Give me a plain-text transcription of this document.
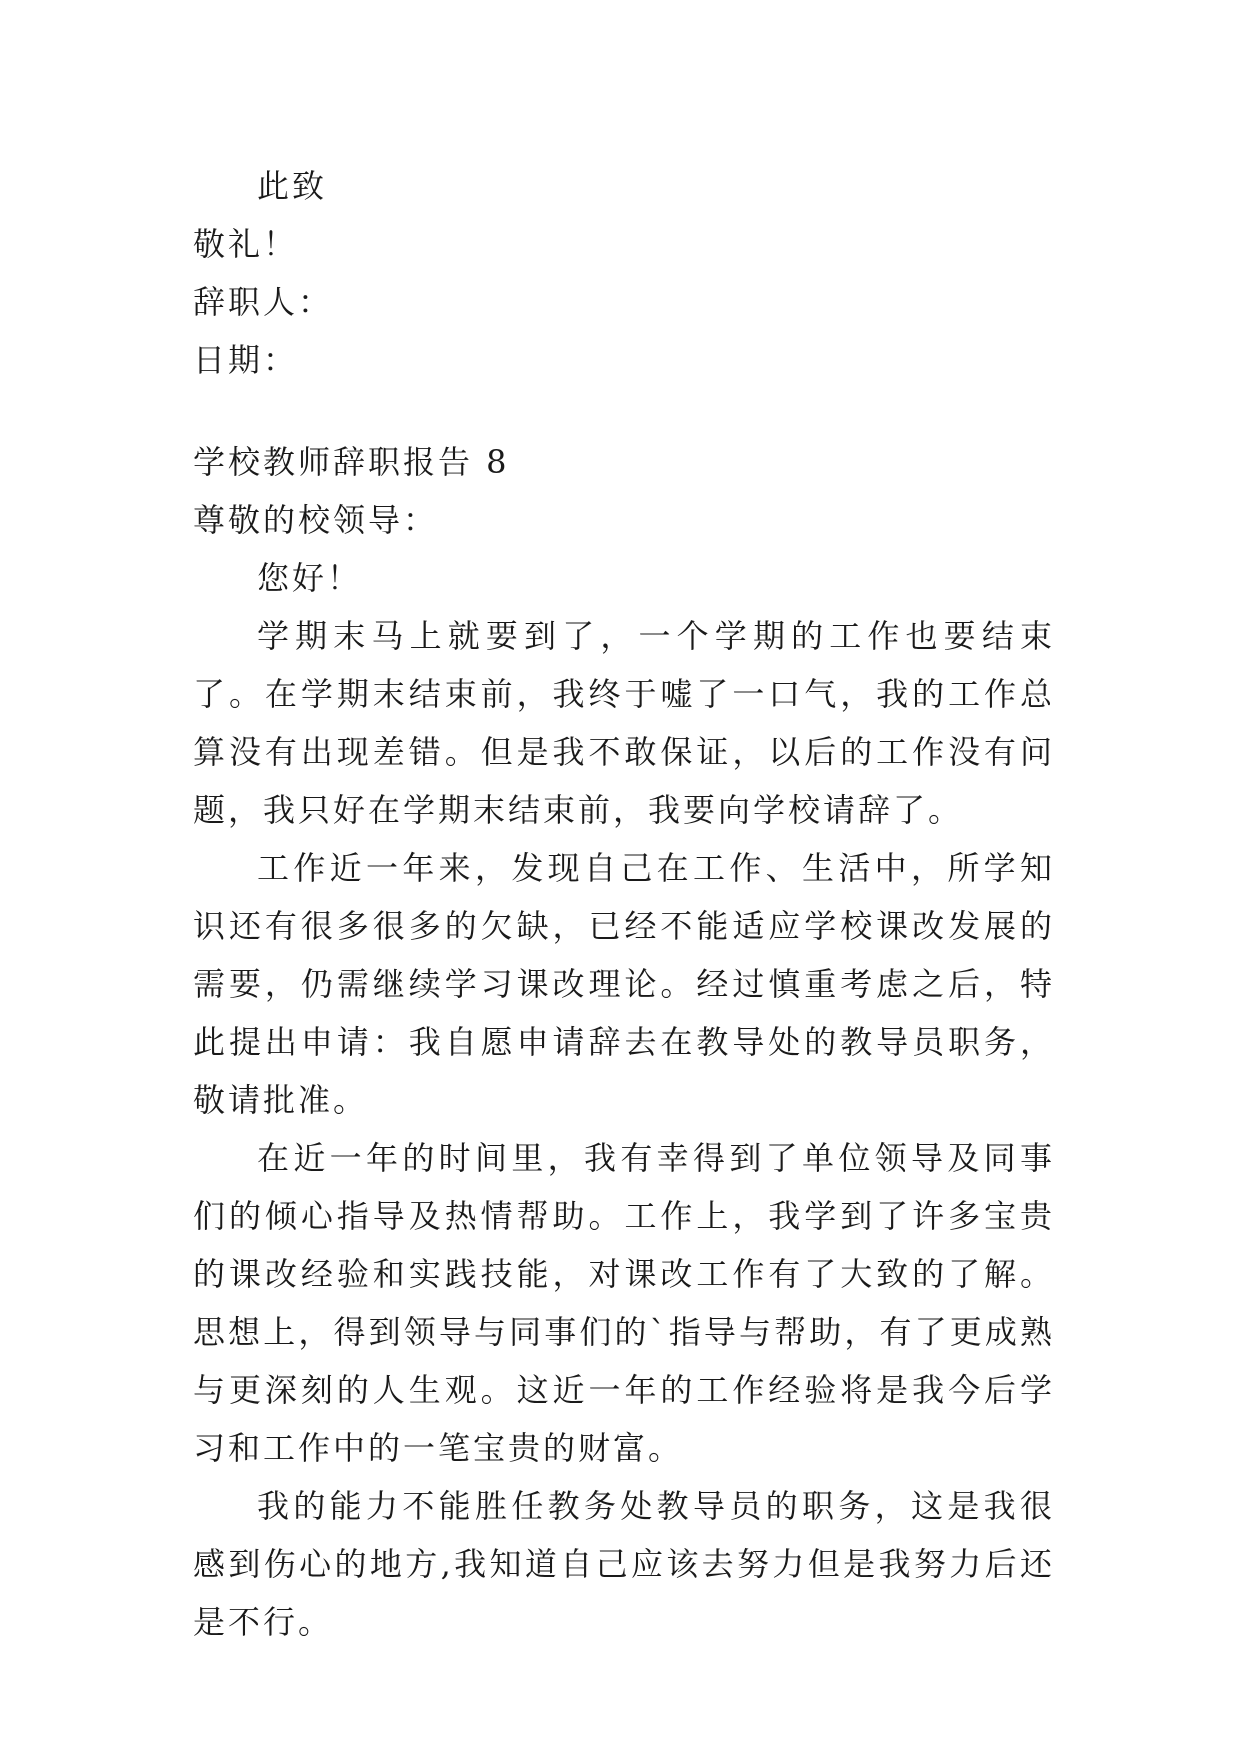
此致
敬礼！
辞职人：
日期：
学校教师辞职报告 8
尊敬的校领导：
您好！

学期末马上就要到了，一个学期的工作也要结束了。在学期末结束前，我终于嘘了一口气，我的工作总算没有出现差错。但是我不敢保证，以后的工作没有问题，我只好在学期末结束前，我要向学校请辞了。

工作近一年来，发现自己在工作、生活中，所学知识还有很多很多的欠缺，已经不能适应学校课改发展的需要，仍需继续学习课改理论。经过慎重考虑之后，特此提出申请：我自愿申请辞去在教导处的教导员职务，敬请批准。

在近一年的时间里，我有幸得到了单位领导及同事们的倾心指导及热情帮助。工作上，我学到了许多宝贵的课改经验和实践技能，对课改工作有了大致的了解。思想上，得到领导与同事们的`指导与帮助，有了更成熟与更深刻的人生观。这近一年的工作经验将是我今后学习和工作中的一笔宝贵的财富。

我的能力不能胜任教务处教导员的职务，这是我很感到伤心的地方,我知道自己应该去努力但是我努力后还是不行。
